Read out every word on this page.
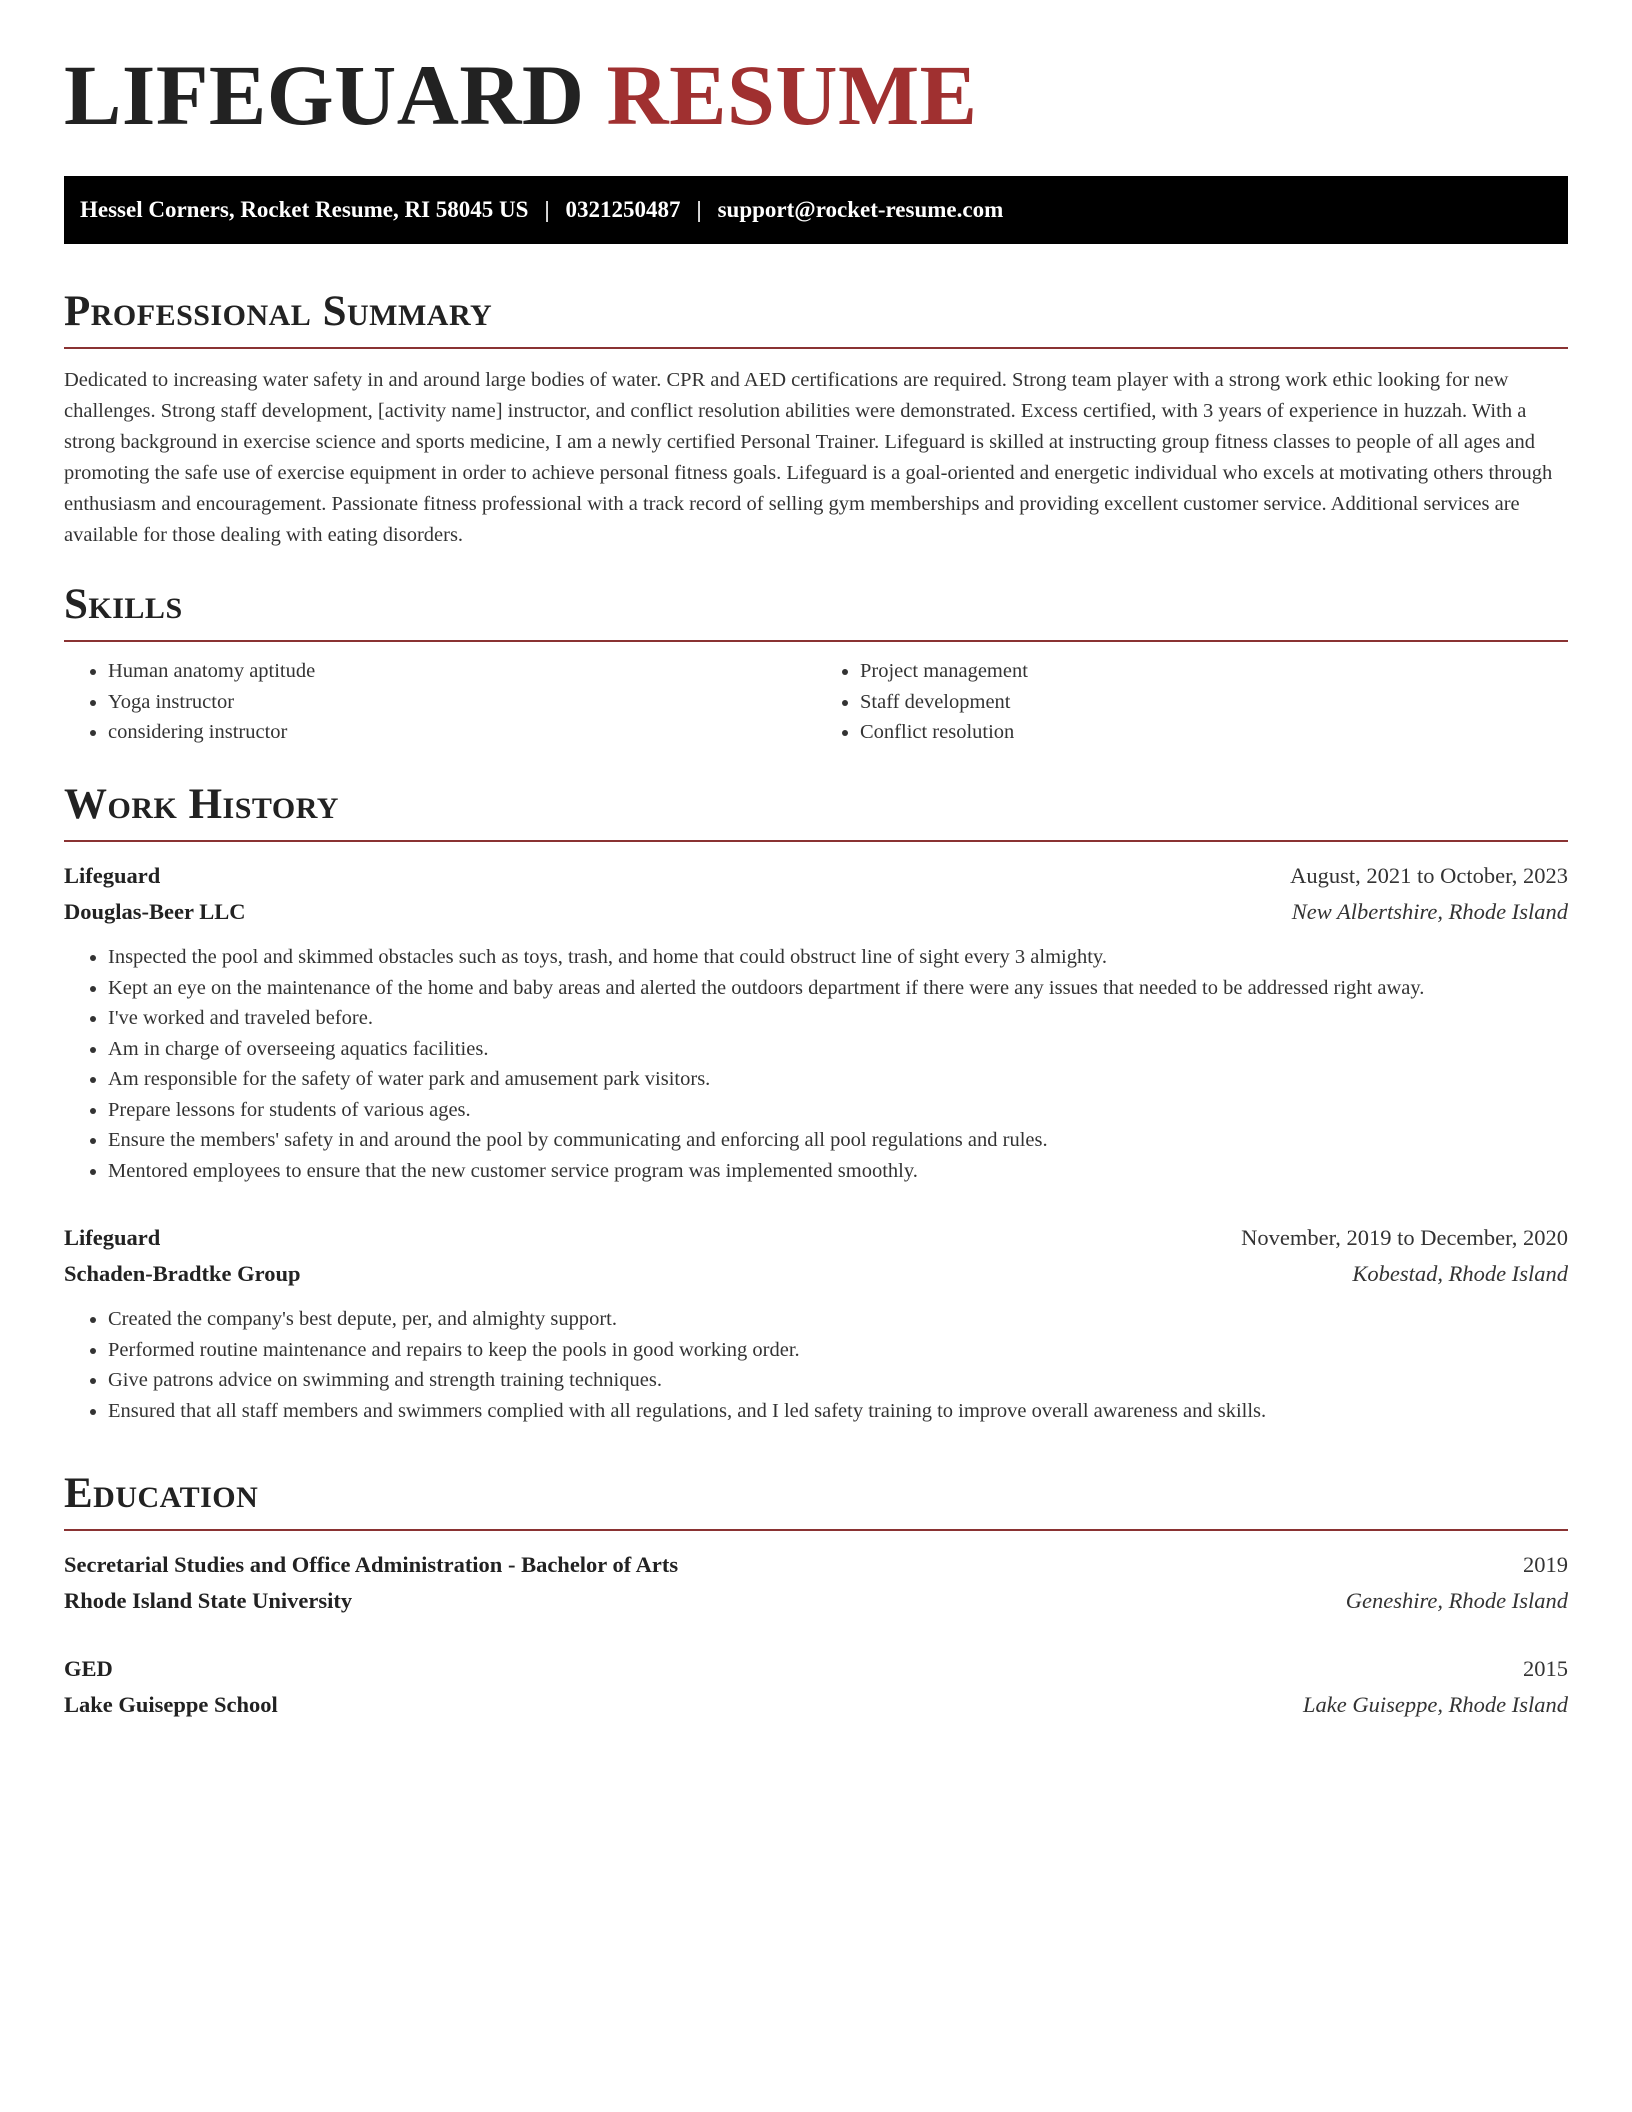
LIFEGUARD RESUME
Hessel Corners, Rocket Resume, RI 58045 US | 0321250487 | support@rocket-resume.com
Professional Summary

Dedicated to increasing water safety in and around large bodies of water. CPR and AED certifications are required. Strong team player with a strong work ethic looking for new challenges. Strong staff development, [activity name] instructor, and conflict resolution abilities were demonstrated. Excess certified, with 3 years of experience in huzzah. With a strong background in exercise science and sports medicine, I am a newly certified Personal Trainer. Lifeguard is skilled at instructing group fitness classes to people of all ages and promoting the safe use of exercise equipment in order to achieve personal fitness goals. Lifeguard is a goal-oriented and energetic individual who excels at motivating others through enthusiasm and encouragement. Passionate fitness professional with a track record of selling gym memberships and providing excellent customer service. Additional services are available for those dealing with eating disorders.

Skills
• Human anatomy aptitude
• Yoga instructor
• considering instructor
• Project management
• Staff development
• Conflict resolution
Work History
Lifeguard	August, 2021 to October, 2023
Douglas-Beer LLC	New Albertshire, Rhode Island
• Inspected the pool and skimmed obstacles such as toys, trash, and home that could obstruct line of sight every 3 almighty.
• Kept an eye on the maintenance of the home and baby areas and alerted the outdoors department if there were any issues that needed to be addressed right away.
• I've worked and traveled before.
• Am in charge of overseeing aquatics facilities.
• Am responsible for the safety of water park and amusement park visitors.
• Prepare lessons for students of various ages.
• Ensure the members' safety in and around the pool by communicating and enforcing all pool regulations and rules.
• Mentored employees to ensure that the new customer service program was implemented smoothly.
Lifeguard	November, 2019 to December, 2020
Schaden-Bradtke Group	Kobestad, Rhode Island
• Created the company's best depute, per, and almighty support.
• Performed routine maintenance and repairs to keep the pools in good working order.
• Give patrons advice on swimming and strength training techniques.
• Ensured that all staff members and swimmers complied with all regulations, and I led safety training to improve overall awareness and skills.
Education
Secretarial Studies and Office Administration - Bachelor of Arts	2019
Rhode Island State University	Geneshire, Rhode Island
GED	2015
Lake Guiseppe School	Lake Guiseppe, Rhode Island
